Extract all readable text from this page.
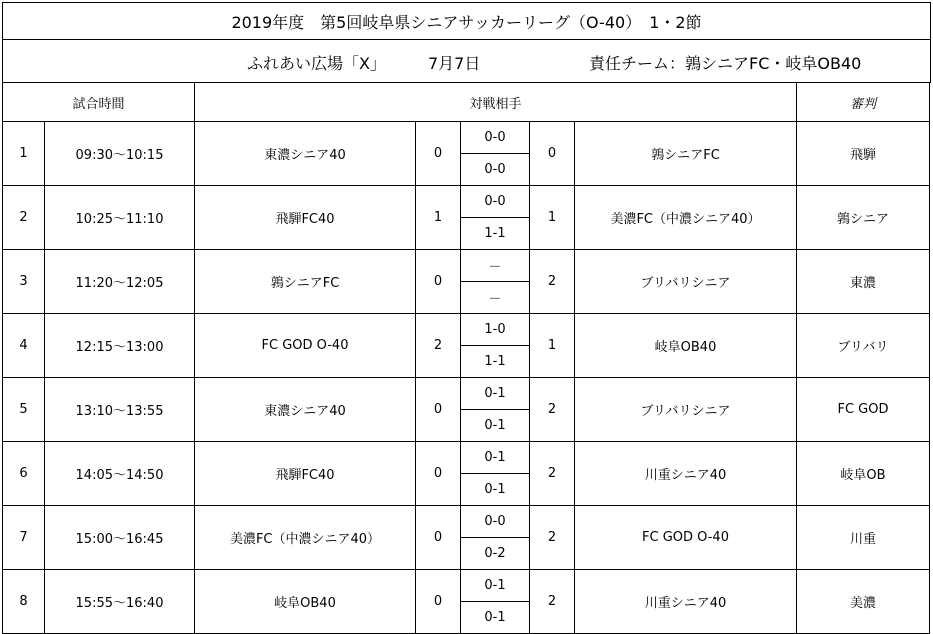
2019年度　第5回岐阜県シニアサッカーリーグ（O-40）　1・2節
ふれあい広場「X」	7月7日	責任チーム：鶉シニアFC・岐阜OB40
試合時間		対戦相手					審判
1	09:30～10:15	東濃シニア40	0	0-0	0	鶉シニアFC	飛騨
				0-0			
2	10:25～11:10	飛騨FC40	1	0-0	1	美濃FC（中濃シニア40）	鶉シニア
				1-1			
3	11:20～12:05	鶉シニアFC	0	－	2	ブリバリシニア	東濃
				－			
4	12:15～13:00	FC GOD O-40	2	1-0	1	岐阜OB40	ブリバリ
				1-1			
5	13:10～13:55	東濃シニア40	0	0-1	2	ブリバリシニア	FC GOD
				0-1			
6	14:05～14:50	飛騨FC40	0	0-1	2	川重シニア40	岐阜OB
				0-1			
7	15:00～16:45	美濃FC（中濃シニア40）	0	0-0	2	FC GOD O-40	川重
				0-2			
8	15:55～16:40	岐阜OB40	0	0-1	2	川重シニア40	美濃
				0-1			
